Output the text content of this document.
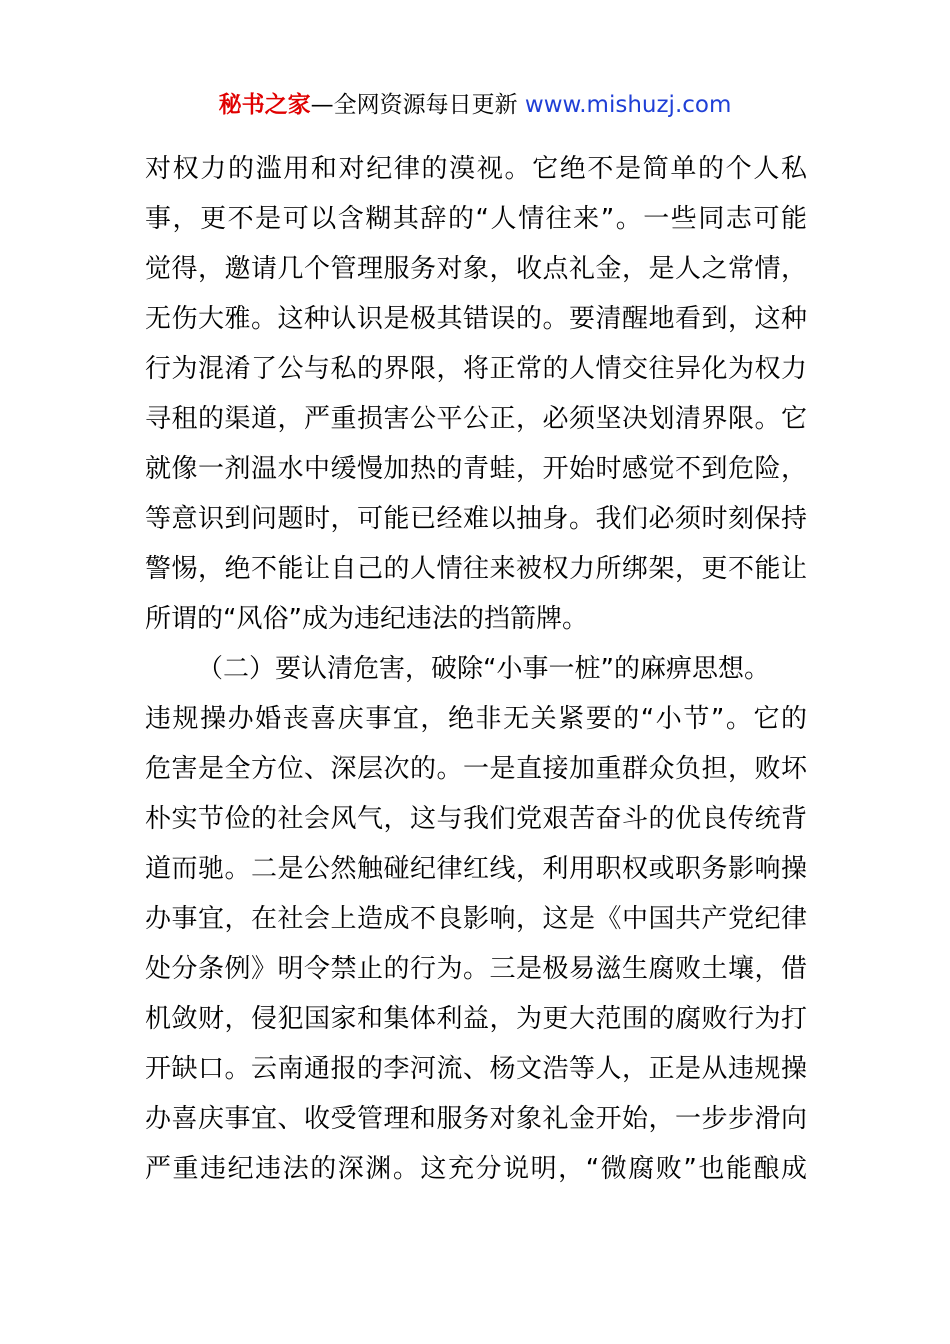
秘书之家—全网资源每日更新 www.mishuzj.com
对权力的滥用和对纪律的漠视。它绝不是简单的个人私
事，更不是可以含糊其辞的“人情往来”。一些同志可能
觉得，邀请几个管理服务对象，收点礼金，是人之常情，
无伤大雅。这种认识是极其错误的。要清醒地看到，这种
行为混淆了公与私的界限，将正常的人情交往异化为权力
寻租的渠道，严重损害公平公正，必须坚决划清界限。它
就像一剂温水中缓慢加热的青蛙，开始时感觉不到危险，
等意识到问题时，可能已经难以抽身。我们必须时刻保持
警惕，绝不能让自己的人情往来被权力所绑架，更不能让
所谓的“风俗”成为违纪违法的挡箭牌。
（二）要认清危害，破除“小事一桩”的麻痹思想。
违规操办婚丧喜庆事宜，绝非无关紧要的“小节”。它的
危害是全方位、深层次的。一是直接加重群众负担，败坏
朴实节俭的社会风气，这与我们党艰苦奋斗的优良传统背
道而驰。二是公然触碰纪律红线，利用职权或职务影响操
办事宜，在社会上造成不良影响，这是《中国共产党纪律
处分条例》明令禁止的行为。三是极易滋生腐败土壤，借
机敛财，侵犯国家和集体利益，为更大范围的腐败行为打
开缺口。云南通报的李河流、杨文浩等人，正是从违规操
办喜庆事宜、收受管理和服务对象礼金开始，一步步滑向
严重违纪违法的深渊。这充分说明，“微腐败”也能酿成
